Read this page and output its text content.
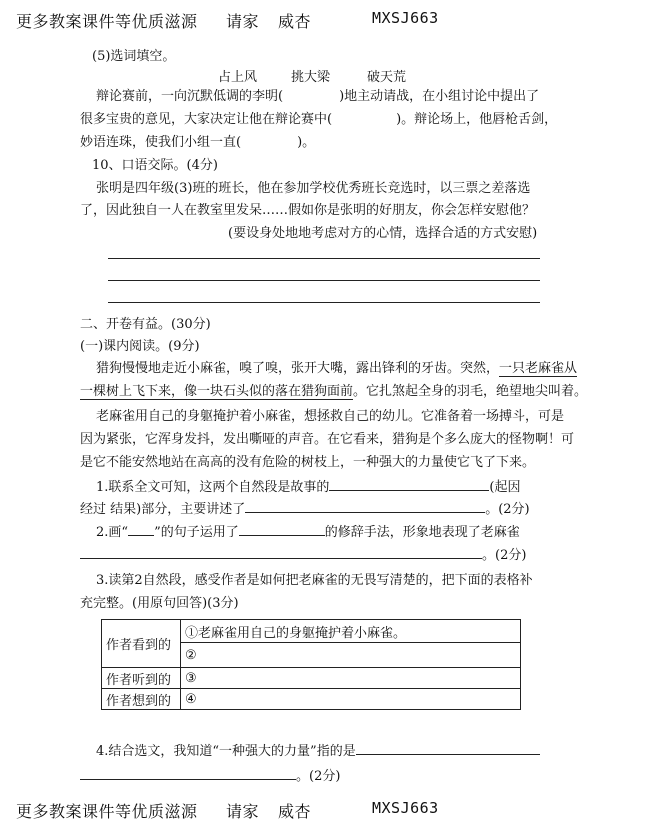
更多教案课件等优质滋源 请家 威杏	MXSJ663
(5)选词填空。
占上风	挑大梁	破天荒
辩论赛前，一向沉默低调的李明(	)地主动请战，在小组讨论中提出了
很多宝贵的意见，大家决定让他在辩论赛中(	)。辩论场上，他唇枪舌剑，
妙语连珠，使我们小组一直(	)。
10、口语交际。(4分)
张明是四年级(3)班的班长，他在参加学校优秀班长竞选时，以三票之差落选
了，因此独自一人在教室里发呆……假如你是张明的好朋友，你会怎样安慰他？
(要设身处地地考虑对方的心情，选择合适的方式安慰)
二、开卷有益。(30分)
(一)课内阅读。(9分)
猎狗慢慢地走近小麻雀，嗅了嗅，张开大嘴，露出锋利的牙齿。突然，一只老麻雀从
一棵树上飞下来，像一块石头似的落在猎狗面前。它扎煞起全身的羽毛，绝望地尖叫着。
老麻雀用自己的身躯掩护着小麻雀，想拯救自己的幼儿。它准备着一场搏斗，可是
因为紧张，它浑身发抖，发出嘶哑的声音。在它看来，猎狗是个多么庞大的怪物啊！可
是它不能安然地站在高高的没有危险的树枝上，一种强大的力量使它飞了下来。
1.联系全文可知，这两个自然段是故事的	(起因
经过 结果)部分，主要讲述了	。(2分)
2.画“ ”的句子运用了	的修辞手法，形象地表现了老麻雀
。(2分)
3.读第2自然段，感受作者是如何把老麻雀的无畏写清楚的，把下面的表格补
充完整。(用原句回答)(3分)
作者看到的	①老麻雀用自己的身躯掩护着小麻雀。
	②
作者听到的	③
作者想到的	④
4.结合选文，我知道“一种强大的力量”指的是
。(2分)
更多教案课件等优质滋源 请家 威杏	MXSJ663
